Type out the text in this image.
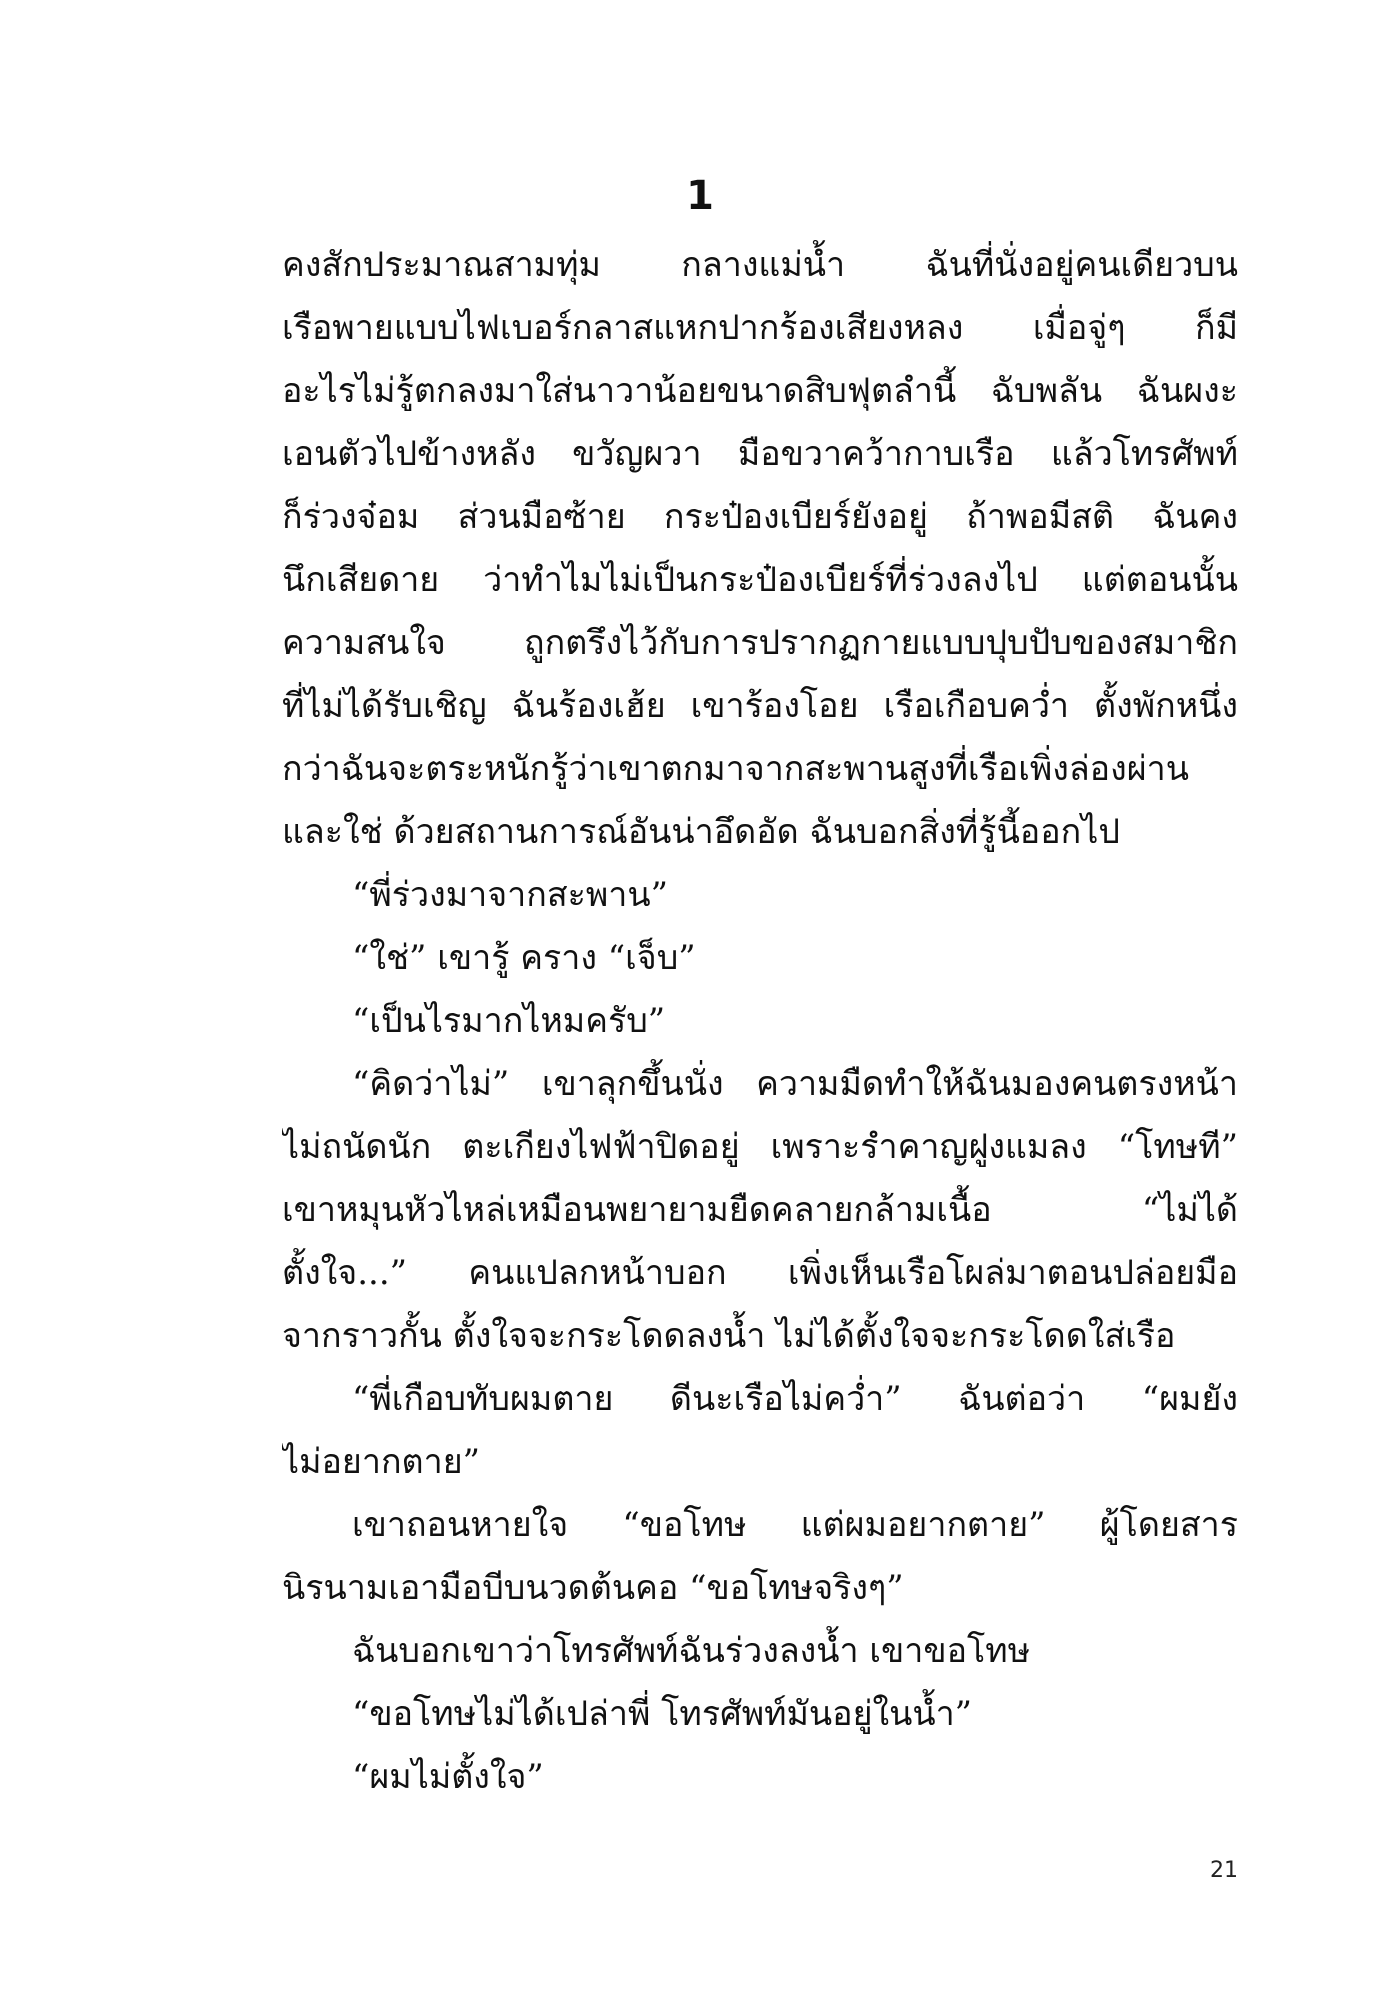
1
คงสักประมาณสามทุ่ม กลางแม่น้ำ ฉันที่นั่งอยู่คนเดียวบน
เรือพายแบบไฟเบอร์กลาสแหกปากร้องเสียงหลง เมื่อจู่ๆ ก็มี
อะไรไม่รู้ตกลงมาใส่นาวาน้อยขนาดสิบฟุตลำนี้ ฉับพลัน ฉันผงะ
เอนตัวไปข้างหลัง ขวัญผวา มือขวาคว้ากาบเรือ แล้วโทรศัพท์
ก็ร่วงจ๋อม ส่วนมือซ้าย กระป๋องเบียร์ยังอยู่ ถ้าพอมีสติ ฉันคง
นึกเสียดาย ว่าทำไมไม่เป็นกระป๋องเบียร์ที่ร่วงลงไป แต่ตอนนั้น
ความสนใจ ถูกตรึงไว้กับการปรากฏกายแบบปุบปับของสมาชิก
ที่ไม่ได้รับเชิญ ฉันร้องเฮ้ย เขาร้องโอย เรือเกือบคว่ำ ตั้งพักหนึ่ง
กว่าฉันจะตระหนักรู้ว่าเขาตกมาจากสะพานสูงที่เรือเพิ่งล่องผ่าน
และใช่ ด้วยสถานการณ์อันน่าอึดอัด ฉันบอกสิ่งที่รู้นี้ออกไป
“พี่ร่วงมาจากสะพาน”
“ใช่” เขารู้ คราง “เจ็บ”
“เป็นไรมากไหมครับ”
“คิดว่าไม่” เขาลุกขึ้นนั่ง ความมืดทำให้ฉันมองคนตรงหน้า
ไม่ถนัดนัก ตะเกียงไฟฟ้าปิดอยู่ เพราะรำคาญฝูงแมลง “โทษที”
เขาหมุนหัวไหล่เหมือนพยายามยืดคลายกล้ามเนื้อ “ไม่ได้
ตั้งใจ...” คนแปลกหน้าบอก เพิ่งเห็นเรือโผล่มาตอนปล่อยมือ
จากราวกั้น ตั้งใจจะกระโดดลงน้ำ ไม่ได้ตั้งใจจะกระโดดใส่เรือ
“พี่เกือบทับผมตาย ดีนะเรือไม่คว่ำ” ฉันต่อว่า “ผมยัง
ไม่อยากตาย”
เขาถอนหายใจ “ขอโทษ แต่ผมอยากตาย” ผู้โดยสาร
นิรนามเอามือบีบนวดต้นคอ “ขอโทษจริงๆ”
ฉันบอกเขาว่าโทรศัพท์ฉันร่วงลงน้ำ เขาขอโทษ
“ขอโทษไม่ได้เปล่าพี่ โทรศัพท์มันอยู่ในน้ำ”
“ผมไม่ตั้งใจ”
21
